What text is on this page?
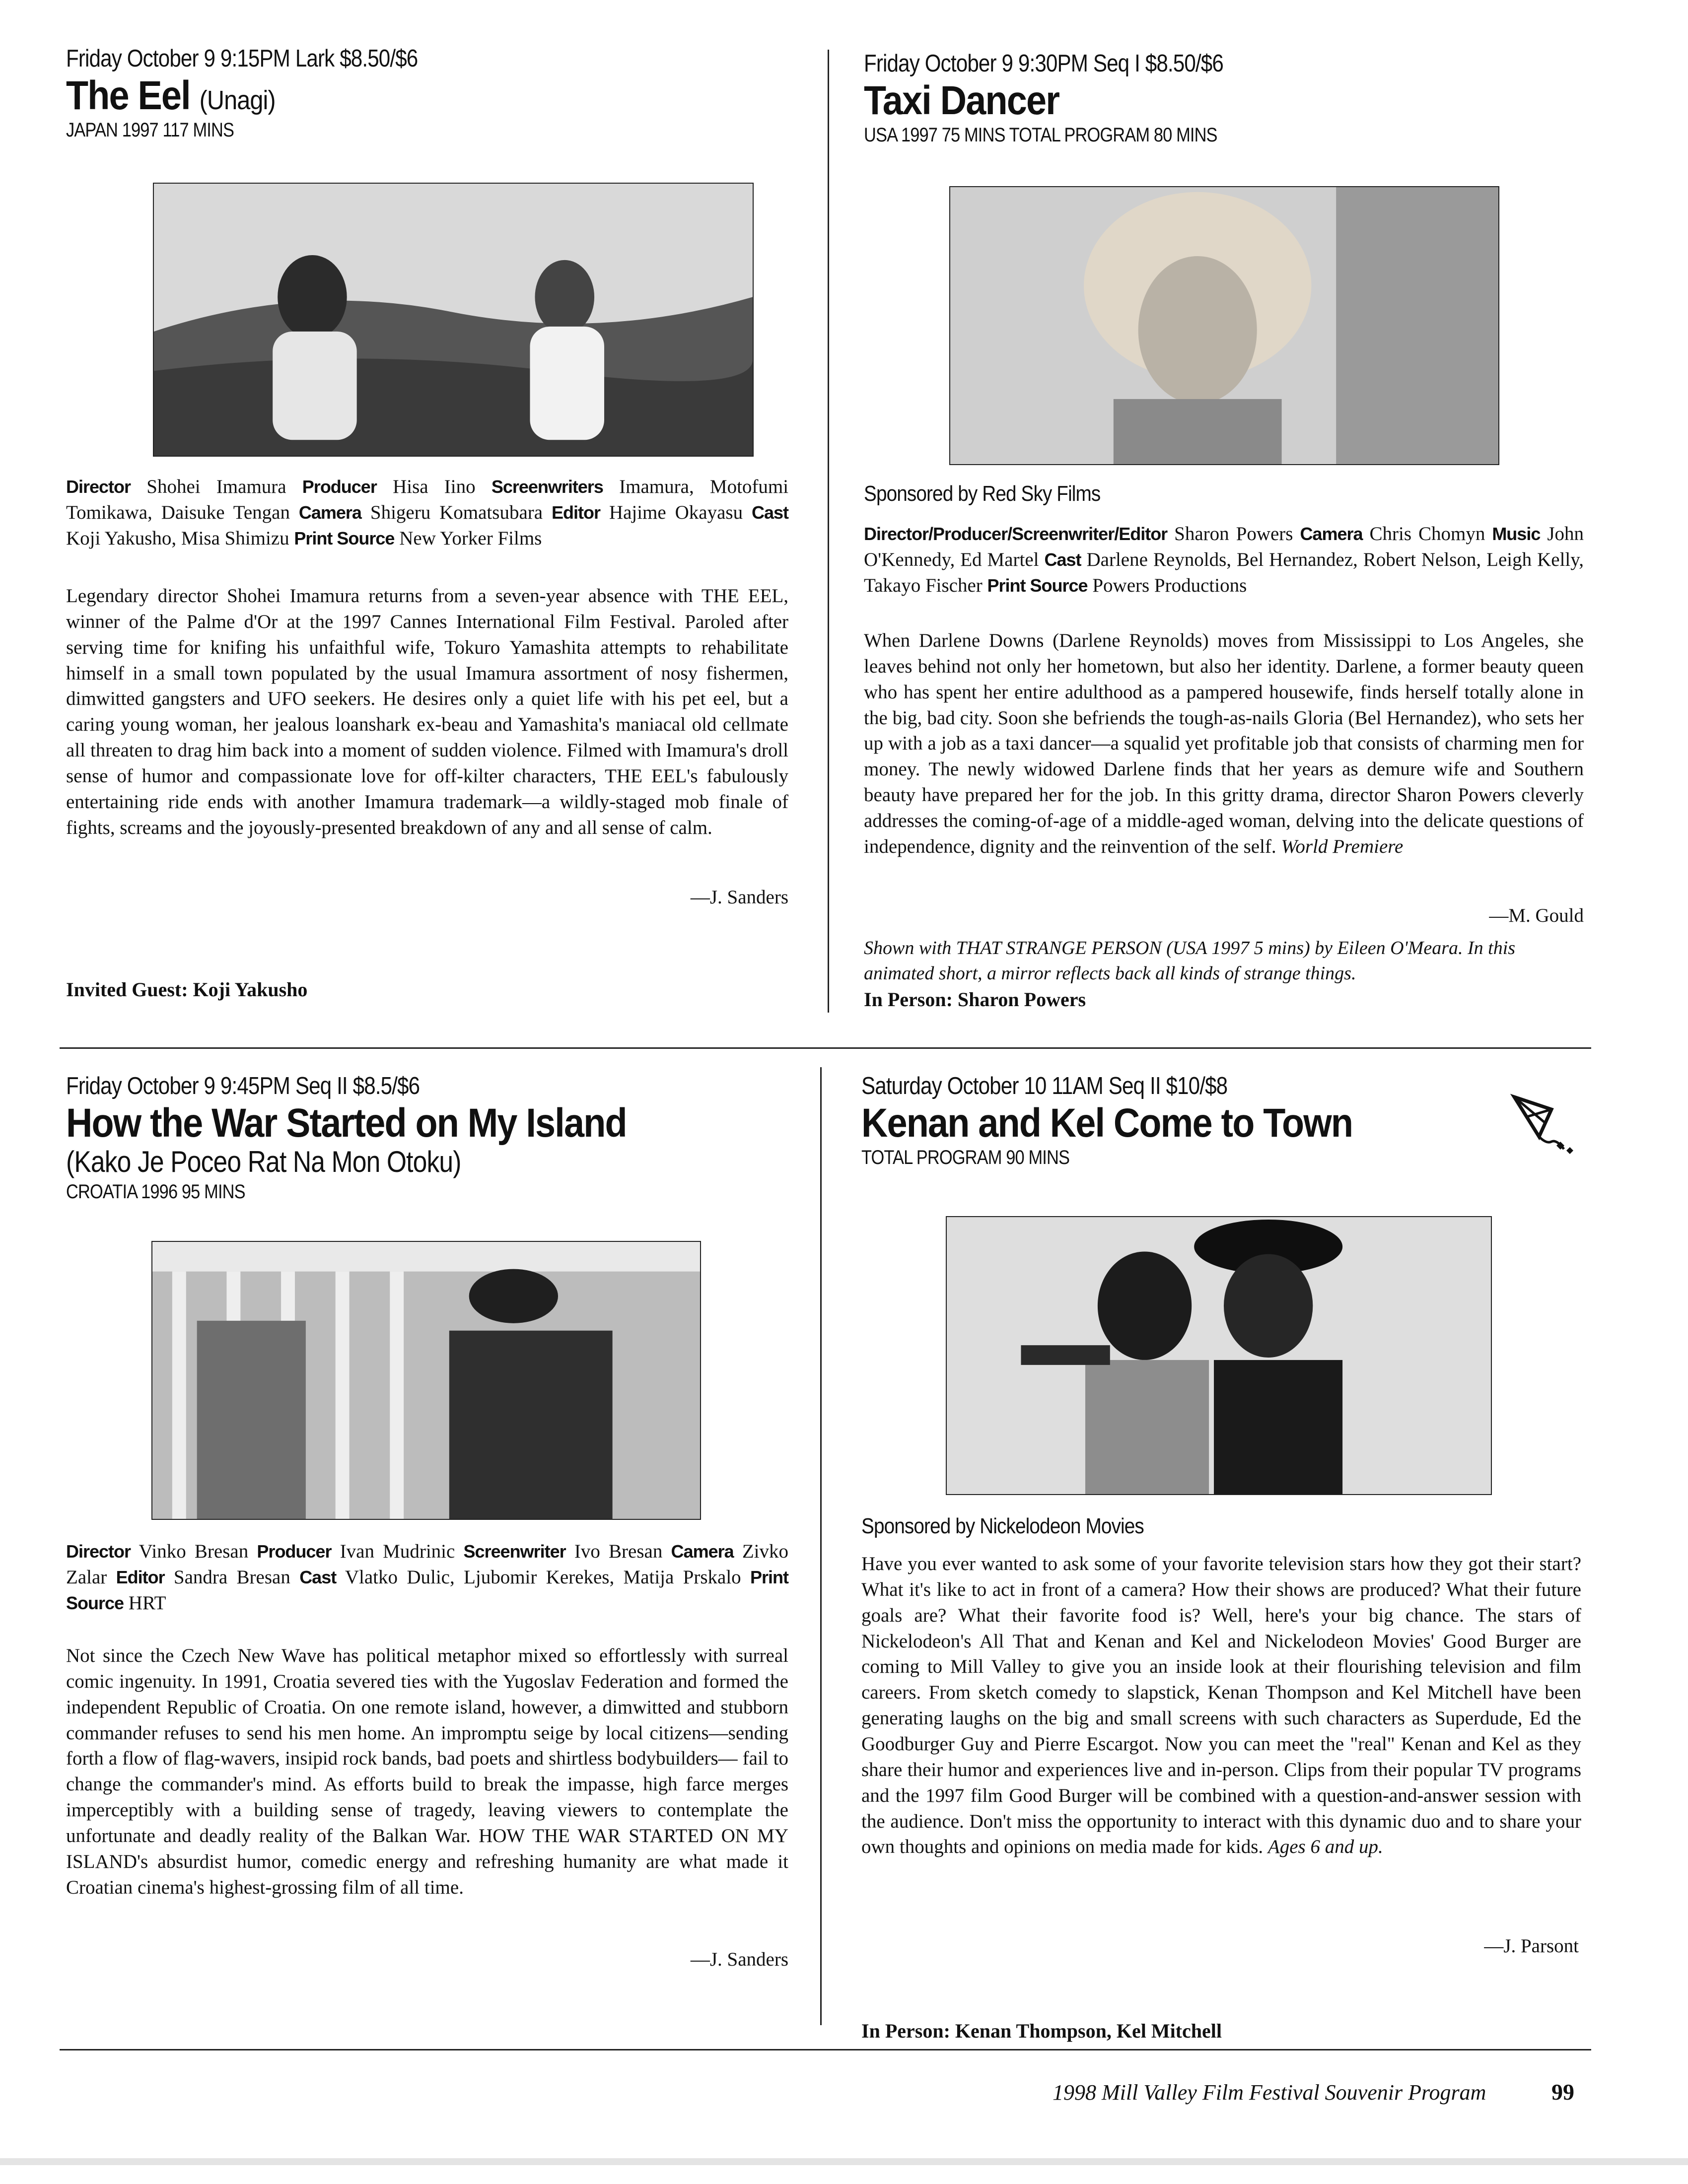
Friday October 9 9:15PM Lark $8.50/$6
The Eel (Unagi)
JAPAN 1997 117 MINS
Director Shohei Imamura Producer Hisa Iino Screenwriters Imamura, Motofumi Tomikawa, Daisuke Tengan Camera Shigeru Komatsubara Editor Hajime Okayasu Cast Koji Yakusho, Misa Shimizu Print Source New Yorker Films
Legendary director Shohei Imamura returns from a seven-year absence with THE EEL, winner of the Palme d'Or at the 1997 Cannes International Film Festival. Paroled after serving time for knifing his unfaithful wife, Tokuro Yamashita attempts to rehabilitate himself in a small town populated by the usual Imamura assortment of nosy fishermen, dimwitted gangsters and UFO seekers. He desires only a quiet life with his pet eel, but a caring young woman, her jealous loanshark ex-beau and Yamashita's maniacal old cellmate all threaten to drag him back into a moment of sudden violence. Filmed with Imamura's droll sense of humor and compassionate love for off-kilter characters, THE EEL's fabulously entertaining ride ends with another Imamura trademark—a wildly-staged mob finale of fights, screams and the joyously-presented breakdown of any and all sense of calm.
—J. Sanders
Invited Guest: Koji Yakusho
Friday October 9 9:30PM Seq I $8.50/$6
Taxi Dancer
USA 1997 75 MINS TOTAL PROGRAM 80 MINS
Sponsored by Red Sky Films
Director/Producer/Screenwriter/Editor Sharon Powers Camera Chris Chomyn Music John O'Kennedy, Ed Martel Cast Darlene Reynolds, Bel Hernandez, Robert Nelson, Leigh Kelly, Takayo Fischer Print Source Powers Productions
When Darlene Downs (Darlene Reynolds) moves from Mississippi to Los Angeles, she leaves behind not only her hometown, but also her identity. Darlene, a former beauty queen who has spent her entire adulthood as a pampered housewife, finds herself totally alone in the big, bad city. Soon she befriends the tough-as-nails Gloria (Bel Hernandez), who sets her up with a job as a taxi dancer—a squalid yet profitable job that consists of charming men for money. The newly widowed Darlene finds that her years as demure wife and Southern beauty have prepared her for the job. In this gritty drama, director Sharon Powers cleverly addresses the coming-of-age of a middle-aged woman, delving into the delicate questions of independence, dignity and the reinvention of the self. World Premiere
—M. Gould
Shown with THAT STRANGE PERSON (USA 1997 5 mins) by Eileen O'Meara. In this animated short, a mirror reflects back all kinds of strange things.
In Person: Sharon Powers
Friday October 9 9:45PM Seq II $8.5/$6
How the War Started on My Island
(Kako Je Poceo Rat Na Mon Otoku)
CROATIA 1996 95 MINS
Director Vinko Bresan Producer Ivan Mudrinic Screenwriter Ivo Bresan Camera Zivko Zalar Editor Sandra Bresan Cast Vlatko Dulic, Ljubomir Kerekes, Matija Prskalo Print Source HRT
Not since the Czech New Wave has political metaphor mixed so effortlessly with surreal comic ingenuity. In 1991, Croatia severed ties with the Yugoslav Federation and formed the independent Republic of Croatia. On one remote island, however, a dimwitted and stubborn commander refuses to send his men home. An impromptu seige by local citizens—sending forth a flow of flag-wavers, insipid rock bands, bad poets and shirtless bodybuilders— fail to change the commander's mind. As efforts build to break the impasse, high farce merges imperceptibly with a building sense of tragedy, leaving viewers to contemplate the unfortunate and deadly reality of the Balkan War. HOW THE WAR STARTED ON MY ISLAND's absurdist humor, comedic energy and refreshing humanity are what made it Croatian cinema's highest-grossing film of all time.
—J. Sanders
Saturday October 10 11AM Seq II $10/$8
Kenan and Kel Come to Town
TOTAL PROGRAM 90 MINS
Sponsored by Nickelodeon Movies
Have you ever wanted to ask some of your favorite television stars how they got their start? What it's like to act in front of a camera? How their shows are produced? What their future goals are? What their favorite food is? Well, here's your big chance. The stars of Nickelodeon's All That and Kenan and Kel and Nickelodeon Movies' Good Burger are coming to Mill Valley to give you an inside look at their flourishing television and film careers. From sketch comedy to slapstick, Kenan Thompson and Kel Mitchell have been generating laughs on the big and small screens with such characters as Superdude, Ed the Goodburger Guy and Pierre Escargot. Now you can meet the "real" Kenan and Kel as they share their humor and experiences live and in-person. Clips from their popular TV programs and the 1997 film Good Burger will be combined with a question-and-answer session with the audience. Don't miss the opportunity to interact with this dynamic duo and to share your own thoughts and opinions on media made for kids. Ages 6 and up.
—J. Parsont
In Person: Kenan Thompson, Kel Mitchell
1998 Mill Valley Film Festival Souvenir Program	99
